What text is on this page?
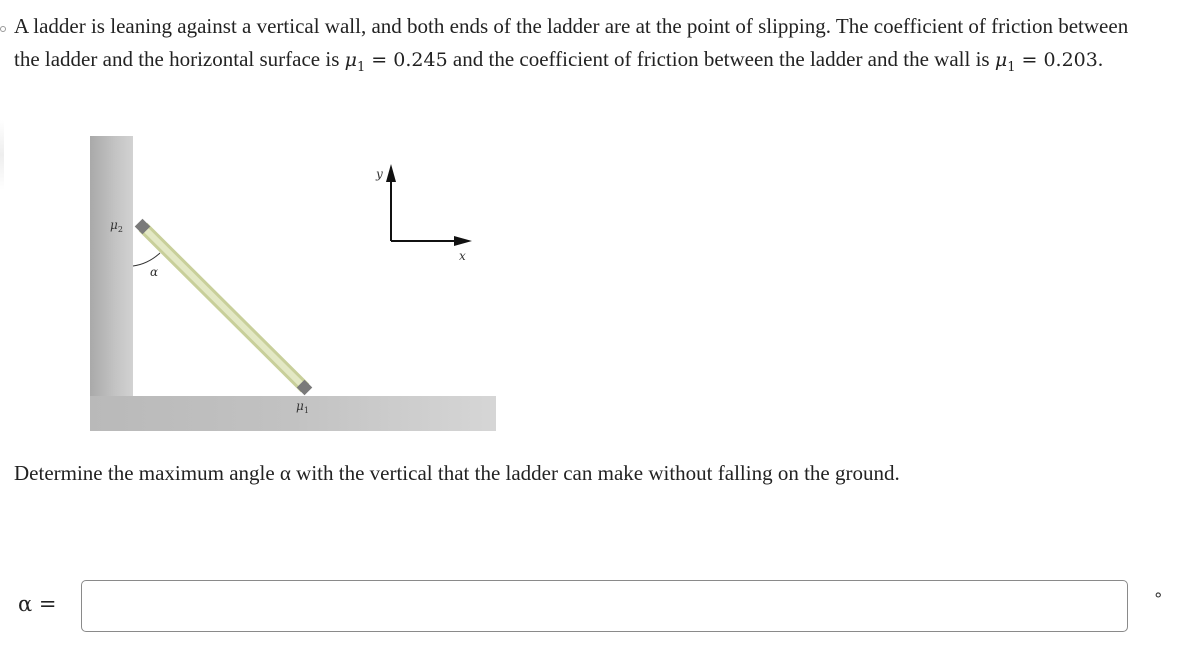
A ladder is leaning against a vertical wall, and both ends of the ladder are at the point of slipping. The coefficient of friction between the ladder and the horizontal surface is $\mu_1 = 0.245$ and the coefficient of friction between the ladder and the wall is $\mu_1 = 0.203$.
$\mu_2$
α
$\mu_1$
y
x
Determine the maximum angle α with the vertical that the ladder can make without falling on the ground.
α =	°
